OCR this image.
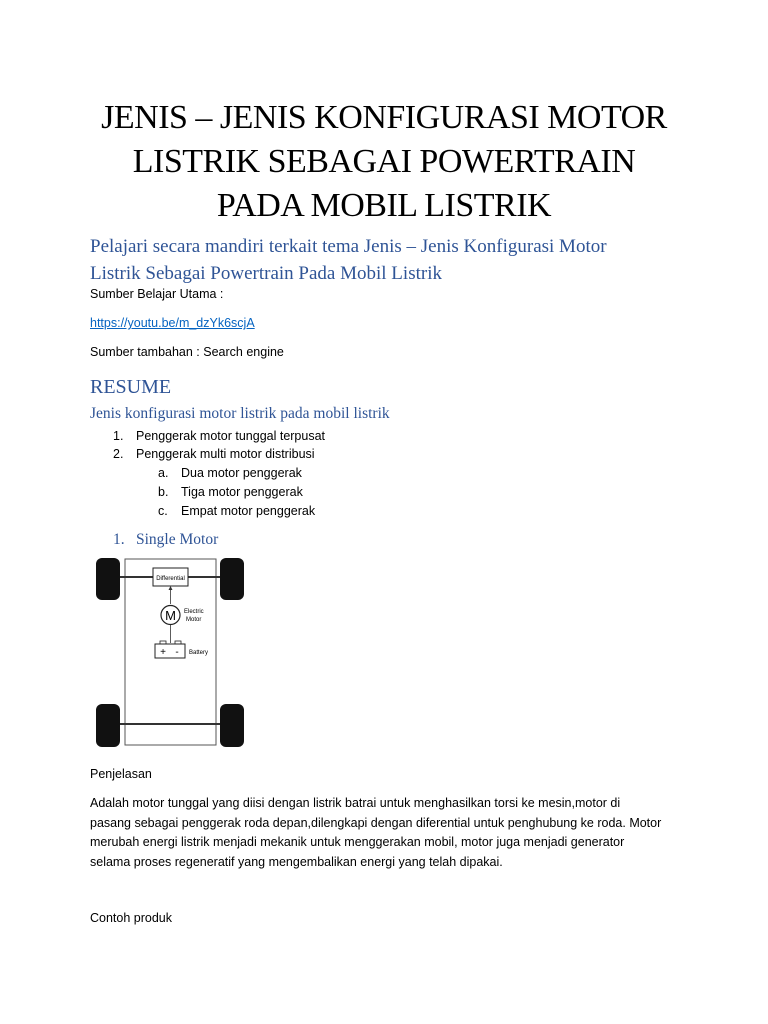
JENIS – JENIS KONFIGURASI MOTOR
LISTRIK SEBAGAI POWERTRAIN
PADA MOBIL LISTRIK
Pelajari secara mandiri terkait tema Jenis – Jenis Konfigurasi Motor
Listrik Sebagai Powertrain Pada Mobil Listrik
Sumber Belajar Utama :
https://youtu.be/m_dzYk6scjA
Sumber tambahan : Search engine
RESUME
Jenis konfigurasi motor listrik pada mobil listrik
1. Penggerak motor tunggal terpusat
2. Penggerak multi motor distribusi
a. Dua motor penggerak
b. Tiga motor penggerak
c. Empat motor penggerak
1. Single Motor
Differential
M Electric
Motor
+ - Battery
Penjelasan
Adalah motor tunggal yang diisi dengan listrik batrai untuk menghasilkan torsi ke mesin,motor di
pasang sebagai penggerak roda depan,dilengkapi dengan diferential untuk penghubung ke roda. Motor
merubah energi listrik menjadi mekanik untuk menggerakan mobil, motor juga menjadi generator
selama proses regeneratif yang mengembalikan energi yang telah dipakai.
Contoh produk
